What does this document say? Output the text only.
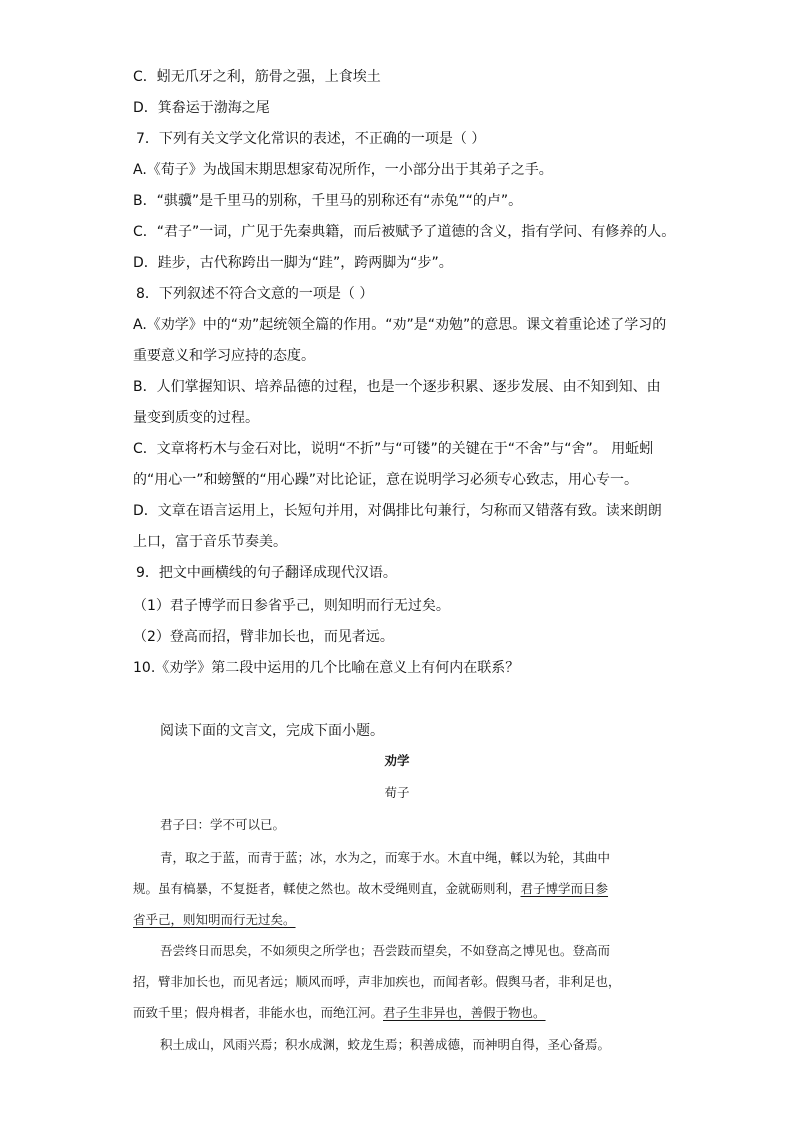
C．蚓无爪牙之利，筋骨之强，上食埃土
D．箕畚运于渤海之尾
7．下列有关文学文化常识的表述，不正确的一项是（ ）
A.《荀子》为战国末期思想家荀况所作，一小部分出于其弟子之手。
B．“骐骥”是千里马的别称，千里马的别称还有“赤兔”“的卢”。
C．“君子”一词，广见于先秦典籍，而后被赋予了道德的含义，指有学问、有修养的人。
D．跬步，古代称跨出一脚为“跬”，跨两脚为“步”。
8．下列叙述不符合文意的一项是（ ）
A.《劝学》中的“劝”起统领全篇的作用。“劝”是“劝勉”的意思。课文着重论述了学习的
重要意义和学习应持的态度。
B．人们掌握知识、培养品德的过程，也是一个逐步积累、逐步发展、由不知到知、由
量变到质变的过程。
C．文章将朽木与金石对比，说明“不折”与“可镂”的关键在于“不舍”与“舍”。 用蚯蚓
的“用心一”和螃蟹的“用心躁”对比论证，意在说明学习必须专心致志，用心专一。
D．文章在语言运用上，长短句并用，对偶排比句兼行，匀称而又错落有致。读来朗朗
上口，富于音乐节奏美。
9．把文中画横线的句子翻译成现代汉语。
（1）君子博学而日参省乎己，则知明而行无过矣。
（2）登高而招，臂非加长也，而见者远。
10.《劝学》第二段中运用的几个比喻在意义上有何内在联系？
阅读下面的文言文，完成下面小题。
劝学
荀子
君子曰：学不可以已。
青，取之于蓝，而青于蓝；冰，水为之，而寒于水。木直中绳，輮以为轮，其曲中
规。虽有槁暴，不复挺者，輮使之然也。故木受绳则直，金就砺则利，君子博学而日参
省乎己，则知明而行无过矣。
吾尝终日而思矣，不如须臾之所学也；吾尝跂而望矣，不如登高之博见也。登高而
招，臂非加长也，而见者远；顺风而呼，声非加疾也，而闻者彰。假舆马者，非利足也，
而致千里；假舟楫者，非能水也，而绝江河。君子生非异也，善假于物也。
积土成山，风雨兴焉；积水成渊，蛟龙生焉；积善成德，而神明自得，圣心备焉。
